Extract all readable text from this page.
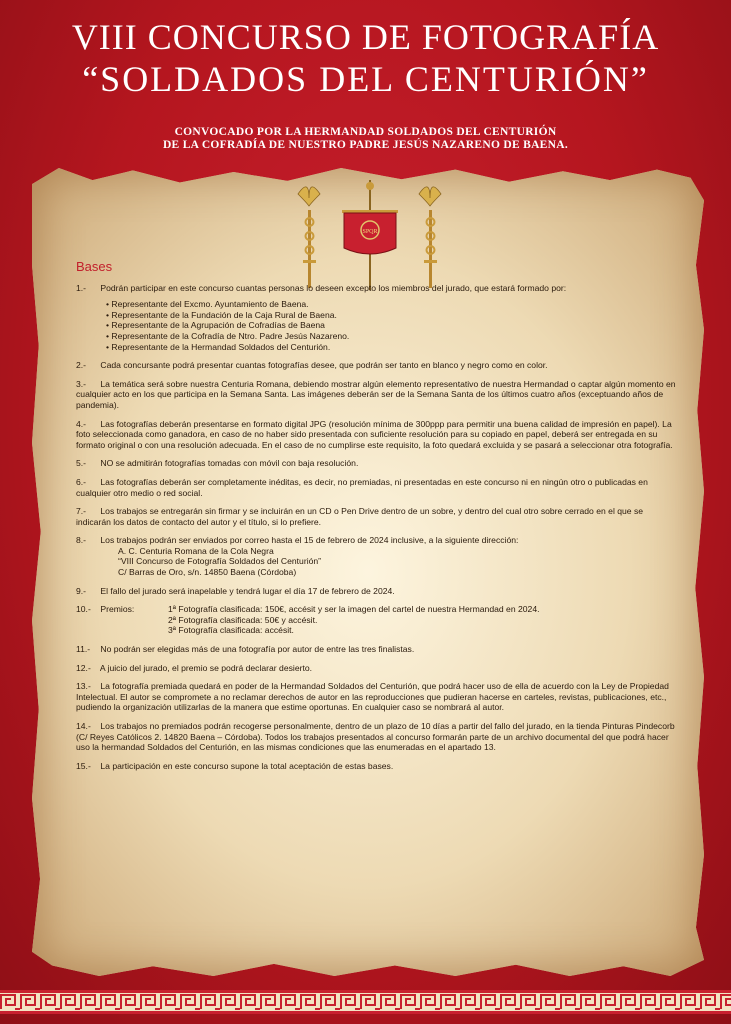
VIII CONCURSO DE FOTOGRAFÍA
“SOLDADOS DEL CENTURIÓN”
CONVOCADO POR LA HERMANDAD SOLDADOS DEL CENTURIÓN
DE LA COFRADÍA DE NUESTRO PADRE JESÚS NAZARENO DE BAENA.
SPQR
Bases
1.- Podrán participar en este concurso cuantas personas lo deseen excepto los miembros del jurado, que estará formado por:
• Representante del Excmo. Ayuntamiento de Baena.
• Representante de la Fundación de la Caja Rural de Baena.
• Representante de la Agrupación de Cofradías de Baena
• Representante de la Cofradía de Ntro. Padre Jesús Nazareno.
• Representante de la Hermandad Soldados del Centurión.
2.- Cada concursante podrá presentar cuantas fotografías desee, que podrán ser tanto en blanco y negro como en color.
3.- La temática será sobre nuestra Centuria Romana, debiendo mostrar algún elemento representativo de nuestra Hermandad o captar algún momento en cualquier acto en los que participa en la Semana Santa. Las imágenes deberán ser de la Semana Santa de los últimos cuatro años (exceptuando años de pandemia).
4.- Las fotografías deberán presentarse en formato digital JPG (resolución mínima de 300ppp para permitir una buena calidad de impresión en papel). La foto seleccionada como ganadora, en caso de no haber sido presentada con suficiente resolución para su copiado en papel, deberá ser entregada en su formato original o con una resolución adecuada. En el caso de no cumplirse este requisito, la foto quedará excluida y se pasará a seleccionar otra fotografía.
5.- NO se admitirán fotografías tomadas con móvil con baja resolución.
6.- Las fotografías deberán ser completamente inéditas, es decir, no premiadas, ni presentadas en este concurso ni en ningún otro o publicadas en cualquier otro medio o red social.
7.- Los trabajos se entregarán sin firmar y se incluirán en un CD o Pen Drive dentro de un sobre, y dentro del cual otro sobre cerrado en el que se indicarán los datos de contacto del autor y el título, si lo prefiere.
8.- Los trabajos podrán ser enviados por correo hasta el 15 de febrero de 2024 inclusive, a la siguiente dirección:
A. C. Centuria Romana de la Cola Negra
“VIII Concurso de Fotografía Soldados del Centurión”
C/ Barras de Oro, s/n. 14850 Baena (Córdoba)
9.- El fallo del jurado será inapelable y tendrá lugar el día 17 de febrero de 2024.
10.- Premios:	1ª Fotografía clasificada: 150€, accésit y ser la imagen del cartel de nuestra Hermandad en 2024.
2ª Fotografía clasificada: 50€ y accésit.
3ª Fotografía clasificada: accésit.
11.- No podrán ser elegidas más de una fotografía por autor de entre las tres finalistas.
12.- A juicio del jurado, el premio se podrá declarar desierto.
13.- La fotografía premiada quedará en poder de la Hermandad Soldados del Centurión, que podrá hacer uso de ella de acuerdo con la Ley de Propiedad Intelectual. El autor se compromete a no reclamar derechos de autor en las reproducciones que pudieran hacerse en carteles, revistas, publicaciones, etc., pudiendo la organización utilizarlas de la manera que estime oportunas. En cualquier caso se nombrará al autor.
14.- Los trabajos no premiados podrán recogerse personalmente, dentro de un plazo de 10 días a partir del fallo del jurado, en la tienda Pinturas Pindecorb (C/ Reyes Católicos 2. 14820 Baena – Córdoba). Todos los trabajos presentados al concurso formarán parte de un archivo documental del que podrá hacer uso la hermandad Soldados del Centurión, en las mismas condiciones que las enumeradas en el apartado 13.
15.- La participación en este concurso supone la total aceptación de estas bases.
